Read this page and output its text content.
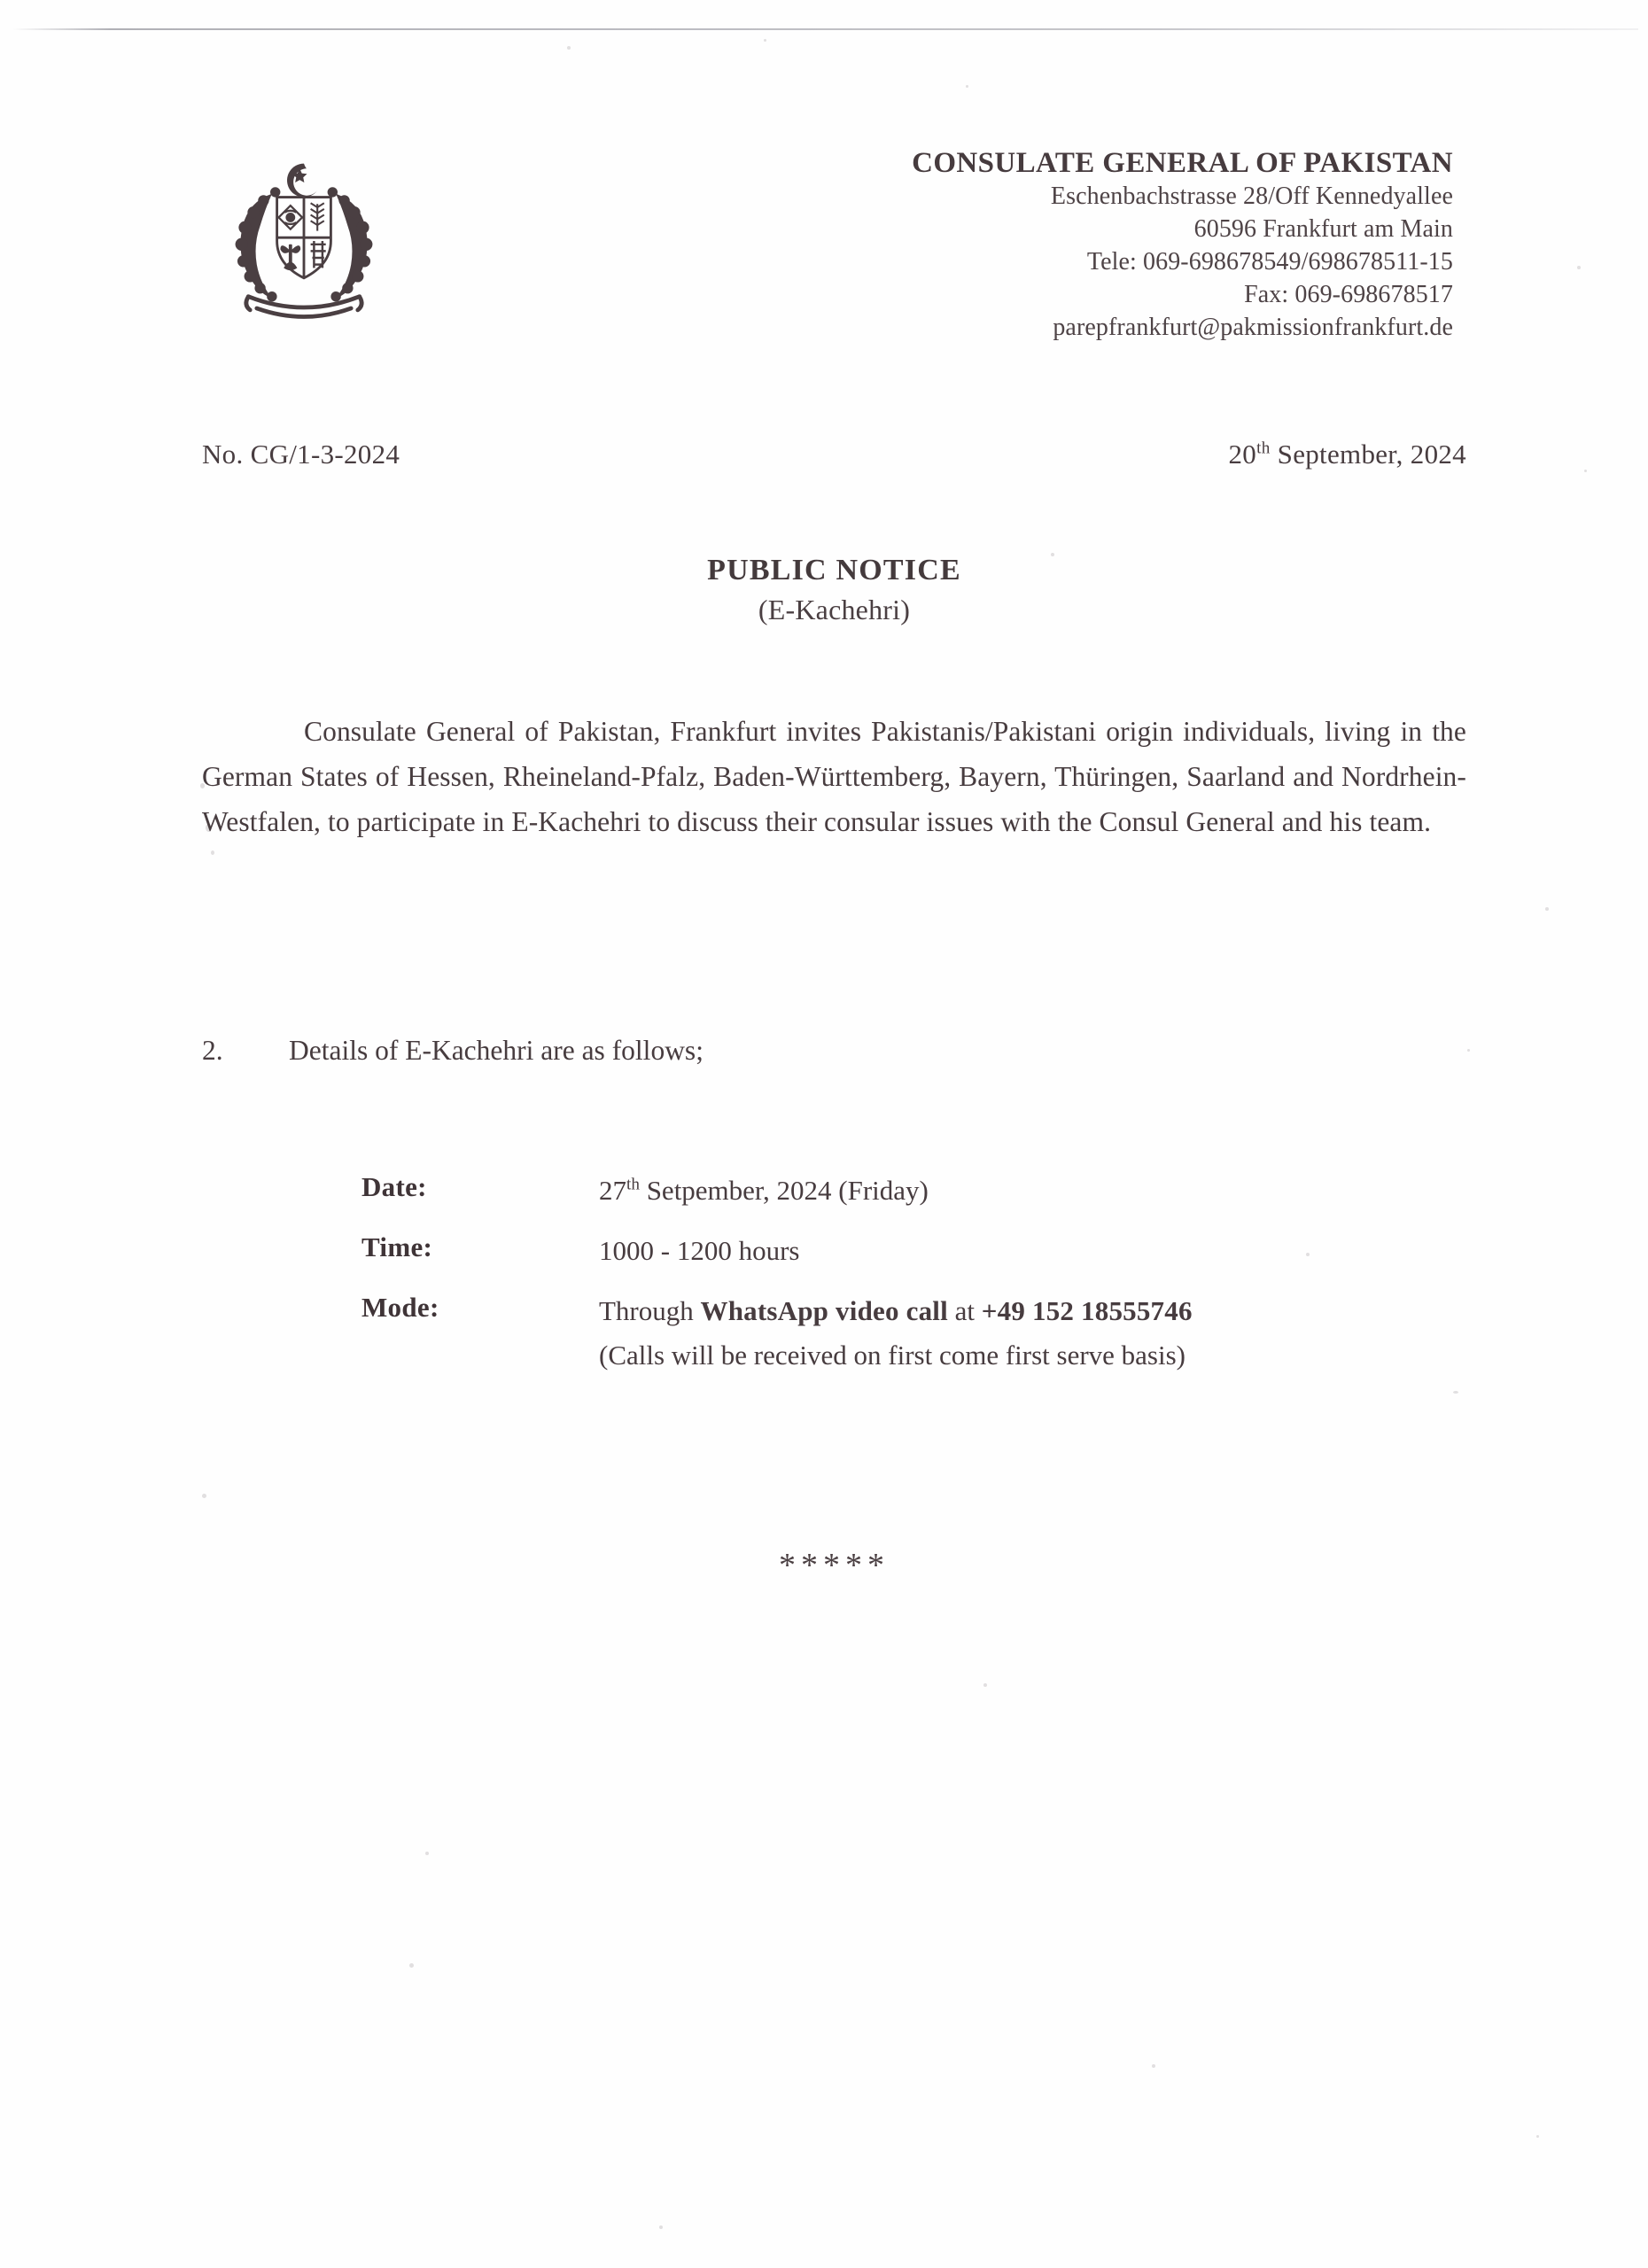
CONSULATE GENERAL OF PAKISTAN
Eschenbachstrasse 28/Off Kennedyallee
60596 Frankfurt am Main
Tele: 069-698678549/698678511-15
Fax: 069-698678517
parepfrankfurt@pakmissionfrankfurt.de
No. CG/1-3-2024	20th September, 2024
PUBLIC NOTICE
(E-Kachehri)
Consulate General of Pakistan, Frankfurt invites Pakistanis/Pakistani origin individuals, living in the German States of Hessen, Rheineland-Pfalz, Baden-Württemberg, Bayern, Thüringen, Saarland and Nordrhein-Westfalen, to participate in E-Kachehri to discuss their consular issues with the Consul General and his team.
2.	Details of E-Kachehri are as follows;
Date:	27th Setpember, 2024 (Friday)
Time:	1000 - 1200 hours
Mode:	Through WhatsApp video call at +49 152 18555746
(Calls will be received on first come first serve basis)
*****
